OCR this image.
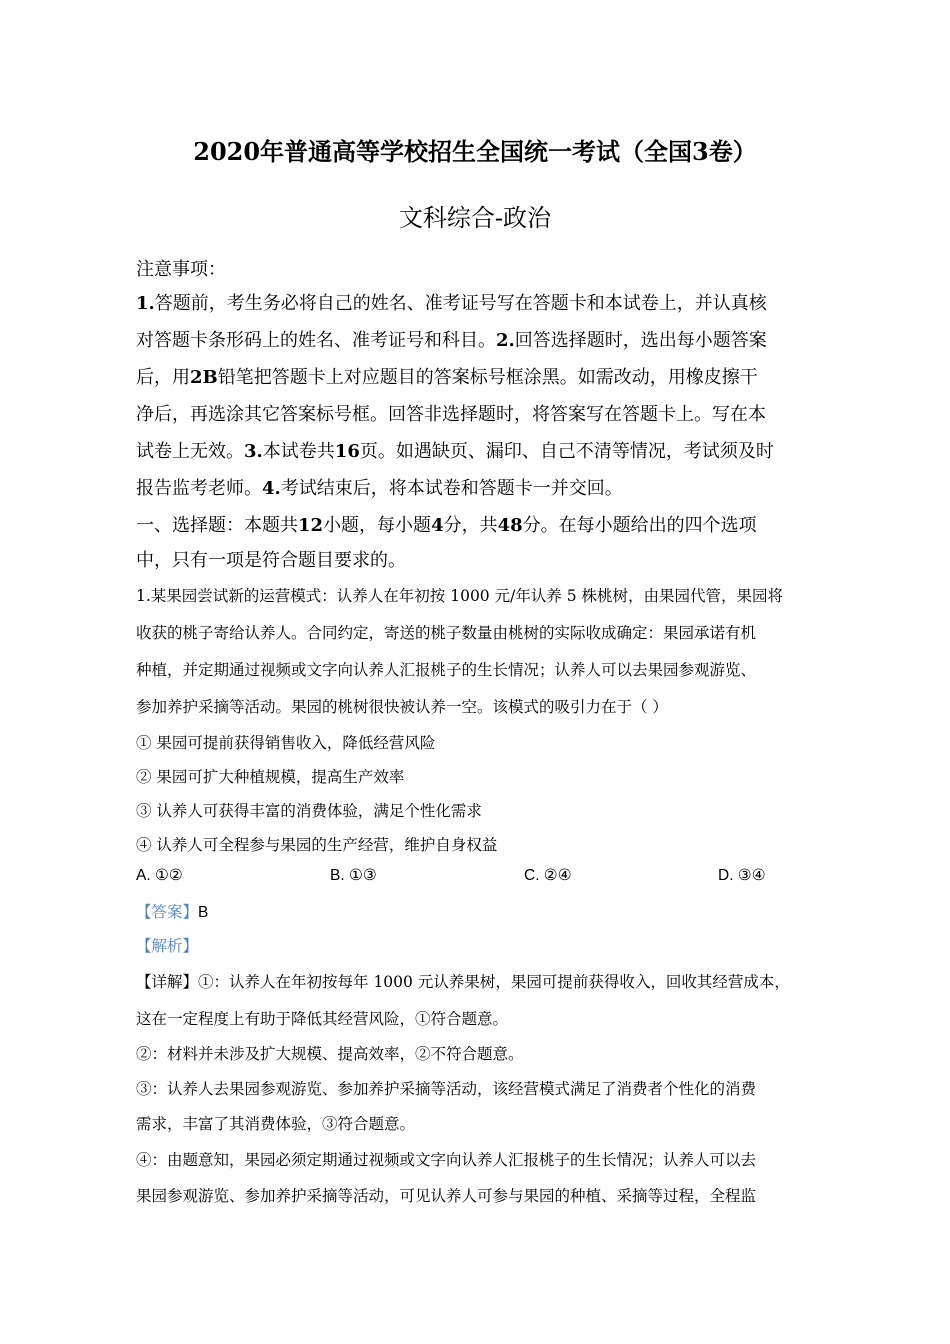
2020年普通高等学校招生全国统一考试（全国3卷）
文科综合-政治
注意事项：
1.答题前，考生务必将自己的姓名、准考证号写在答题卡和本试卷上，并认真核
对答题卡条形码上的姓名、准考证号和科目。2.回答选择题时，选出每小题答案
后，用2B铅笔把答题卡上对应题目的答案标号框涂黑。如需改动，用橡皮擦干
净后，再选涂其它答案标号框。回答非选择题时，将答案写在答题卡上。写在本
试卷上无效。3.本试卷共16页。如遇缺页、漏印、自己不清等情况，考试须及时
报告监考老师。4.考试结束后，将本试卷和答题卡一并交回。
一、选择题：本题共12小题，每小题4分，共48分。在每小题给出的四个选项
中，只有一项是符合题目要求的。
1.某果园尝试新的运营模式：认养人在年初按 1000 元/年认养 5 株桃树，由果园代管，果园将
收获的桃子寄给认养人。合同约定，寄送的桃子数量由桃树的实际收成确定：果园承诺有机
种植，并定期通过视频或文字向认养人汇报桃子的生长情况；认养人可以去果园参观游览、
参加养护采摘等活动。果园的桃树很快被认养一空。该模式的吸引力在于（ ）
① 果园可提前获得销售收入，降低经营风险
② 果园可扩大种植规模，提高生产效率
③ 认养人可获得丰富的消费体验，满足个性化需求
④ 认养人可全程参与果园的生产经营，维护自身权益
A. ①②	B. ①③	C. ②④	D. ③④
【答案】B
【解析】
【详解】①：认养人在年初按每年 1000 元认养果树，果园可提前获得收入，回收其经营成本，
这在一定程度上有助于降低其经营风险，①符合题意。
②：材料并未涉及扩大规模、提高效率，②不符合题意。
③：认养人去果园参观游览、参加养护采摘等活动，该经营模式满足了消费者个性化的消费
需求，丰富了其消费体验，③符合题意。
④：由题意知，果园必须定期通过视频或文字向认养人汇报桃子的生长情况；认养人可以去
果园参观游览、参加养护采摘等活动，可见认养人可参与果园的种植、采摘等过程，全程监
